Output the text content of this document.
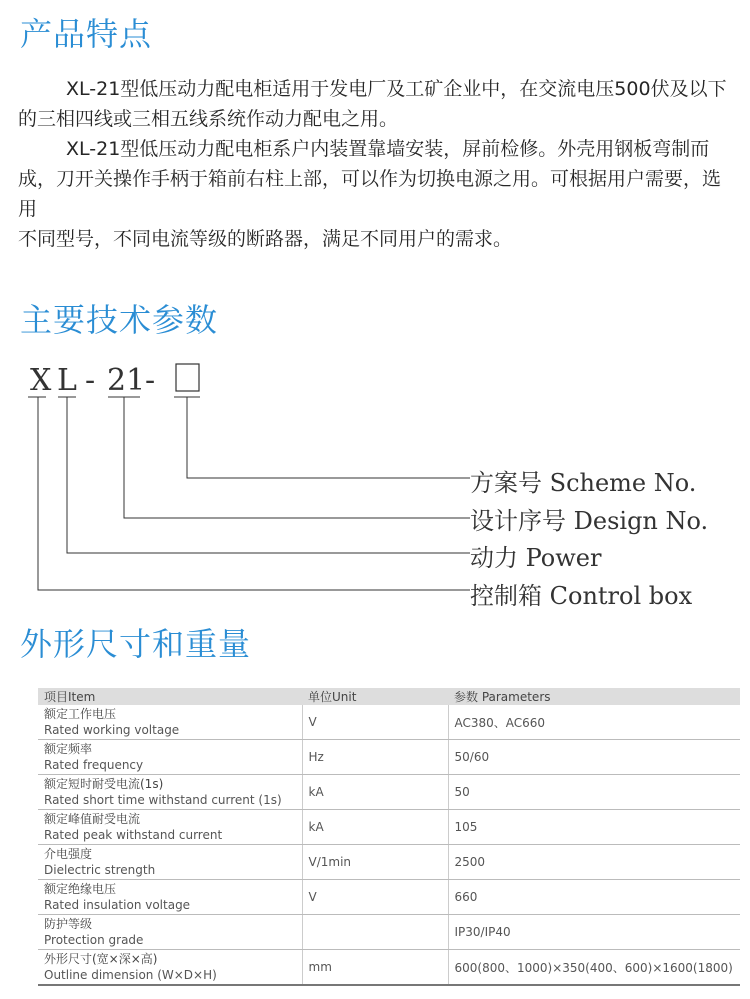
产品特点

XL-21型低压动力配电柜适用于发电厂及工矿企业中，在交流电压500伏及以下的三相四线或三相五线系统作动力配电之用。

XL-21型低压动力配电柜系户内装置靠墙安装，屏前检修。外壳用钢板弯制而成，刀开关操作手柄于箱前右柱上部，可以作为切换电源之用。可根据用户需要，选用

不同型号，不同电流等级的断路器，满足不同用户的需求。

主要技术参数
X L - 21 -
方案号 Scheme No.
设计序号 Design No.
动力 Power
控制箱 Control box
外形尺寸和重量
项目Item	单位Unit	参数 Parameters

额定工作电压
Rated working voltage	V	AC380、AC660

额定频率
Rated frequency	Hz	50/60

额定短时耐受电流(1s)
Rated short time withstand current (1s)	kA	50

额定峰值耐受电流
Rated peak withstand current	kA	105

介电强度
Dielectric strength	V/1min	2500

额定绝缘电压
Rated insulation voltage	V	660

防护等级
Protection grade		IP30/IP40

外形尺寸(宽×深×高)
Outline dimension (W×D×H)	mm	600(800、1000)×350(400、600)×1600(1800)
